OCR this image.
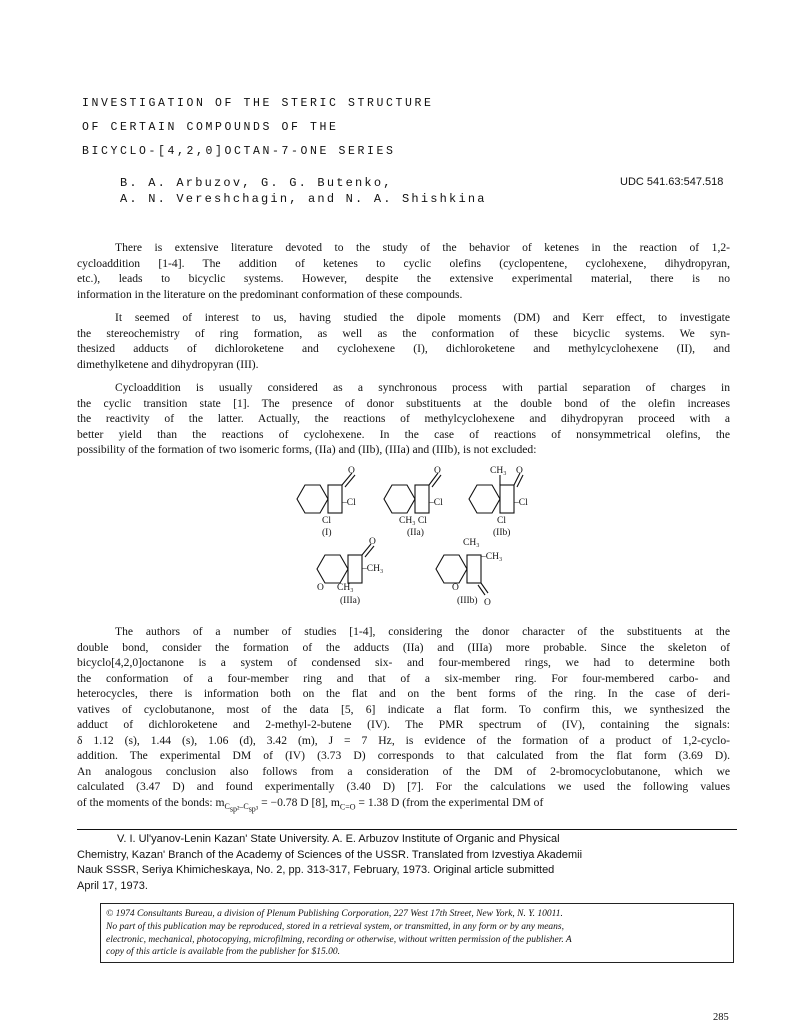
INVESTIGATION OF THE STERIC STRUCTURE
OF CERTAIN COMPOUNDS OF THE
BICYCLO-[4,2,0]OCTAN-7-ONE SERIES
B. A. Arbuzov, G. G. Butenko,
A. N. Vereshchagin, and N. A. Shishkina
UDC 541.63:547.518
There is extensive literature devoted to the study of the behavior of ketenes in the reaction of 1,2-
cycloaddition [1-4]. The addition of ketenes to cyclic olefins (cyclopentene, cyclohexene, dihydropyran,
etc.), leads to bicyclic systems. However, despite the extensive experimental material, there is no
information in the literature on the predominant conformation of these compounds.
It seemed of interest to us, having studied the dipole moments (DM) and Kerr effect, to investigate
the stereochemistry of ring formation, as well as the conformation of these bicyclic systems. We syn-
thesized adducts of dichloroketene and cyclohexene (I), dichloroketene and methylcyclohexene (II), and
dimethylketene and dihydropyran (III).
Cycloaddition is usually considered as a synchronous process with partial separation of charges in
the cyclic transition state [1]. The presence of donor substituents at the double bond of the olefin increases
the reactivity of the latter. Actually, the reactions of methylcyclohexene and dihydropyran proceed with a
better yield than the reactions of cyclohexene. In the case of reactions of nonsymmetrical olefins, the
possibility of the formation of two isomeric forms, (IIa) and (IIb), (IIIa) and (IIIb), is not excluded:
O
–Cl
Cl
(I)
O
–Cl
CH₃ Cl
(IIa)
CH₃ O
–Cl
Cl
(IIb)
O
–CH₃
O CH₃
(IIIa)
CH₃
–CH₃
O
O
(IIIb)
The authors of a number of studies [1-4], considering the donor character of the substituents at the
double bond, consider the formation of the adducts (IIa) and (IIIa) more probable. Since the skeleton of
bicyclo[4,2,0]octanone is a system of condensed six- and four-membered rings, we had to determine both
the conformation of a four-member ring and that of a six-member ring. For four-membered carbo- and
heterocycles, there is information both on the flat and on the bent forms of the ring. In the case of deri-
vatives of cyclobutanone, most of the data [5, 6] indicate a flat form. To confirm this, we synthesized the
adduct of dichloroketene and 2-methyl-2-butene (IV). The PMR spectrum of (IV), containing the signals:
δ 1.12 (s), 1.44 (s), 1.06 (d), 3.42 (m), J = 7 Hz, is evidence of the formation of a product of 1,2-cyclo-
addition. The experimental DM of (IV) (3.73 D) corresponds to that calculated from the flat form (3.69 D).
An analogous conclusion also follows from a consideration of the DM of 2-bromocyclobutanone, which we
calculated (3.47 D) and found experimentally (3.40 D) [7]. For the calculations we used the following values
of the moments of the bonds: $m_{C_{sp^2}-C_{sp^3}} = -0.78$ D [8], $m_{C=O} = 1.38$ D (from the experimental DM of
V. I. Ul'yanov-Lenin Kazan' State University. A. E. Arbuzov Institute of Organic and Physical
Chemistry, Kazan' Branch of the Academy of Sciences of the USSR. Translated from Izvestiya Akademii
Nauk SSSR, Seriya Khimicheskaya, No. 2, pp. 313-317, February, 1973. Original article submitted
April 17, 1973.
© 1974 Consultants Bureau, a division of Plenum Publishing Corporation, 227 West 17th Street, New York, N. Y. 10011.
No part of this publication may be reproduced, stored in a retrieval system, or transmitted, in any form or by any means,
electronic, mechanical, photocopying, microfilming, recording or otherwise, without written permission of the publisher. A
copy of this article is available from the publisher for $15.00.
285
